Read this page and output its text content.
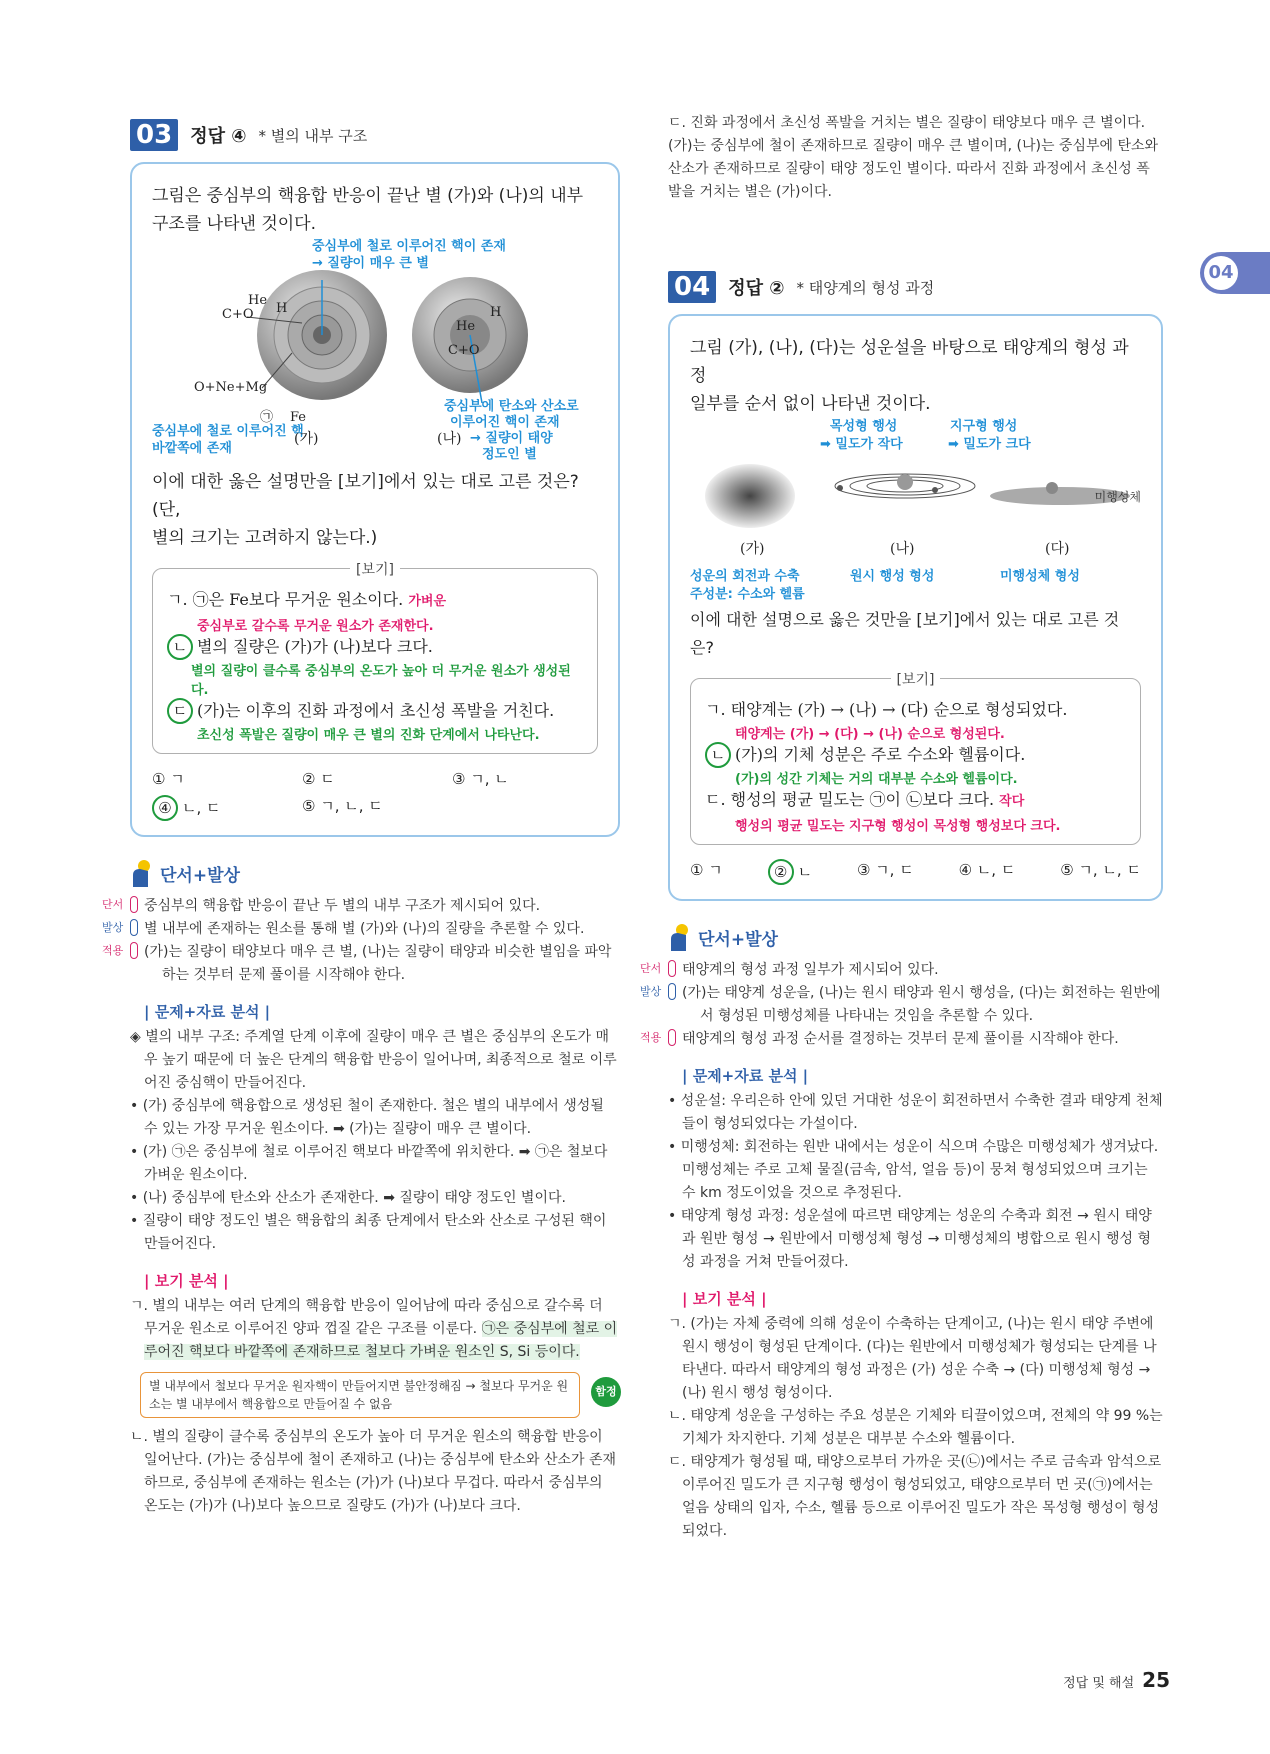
03	정답 ④ * 별의 내부 구조
그림은 중심부의 핵융합 반응이 끝난 별 (가)와 (나)의 내부
구조를 나타낸 것이다.
중심부에 철로 이루어진 핵이 존재
→ 질량이 매우 큰 별
He
C+O H
O+Ne+Mg
㉠ Fe
H
He
C+O
중심부에 철로 이루어진 핵
바깥쪽에 존재
(가)	(나)
중심부에 탄소와 산소로
이루어진 핵이 존재
→ 질량이 태양
정도인 별
이에 대한 옳은 설명만을 [보기]에서 있는 대로 고른 것은? (단,
별의 크기는 고려하지 않는다.)
[보기]
ㄱ. ㉠은 Fe보다 무거운 원소이다. 가벼운
중심부로 갈수록 무거운 원소가 존재한다.
ㄴ 별의 질량은 (가)가 (나)보다 크다.
별의 질량이 클수록 중심부의 온도가 높아 더 무거운 원소가 생성된다.
ㄷ (가)는 이후의 진화 과정에서 초신성 폭발을 거친다.
초신성 폭발은 질량이 매우 큰 별의 진화 단계에서 나타난다.
① ㄱ	② ㄷ	③ ㄱ, ㄴ
④ ㄴ, ㄷ	⑤ ㄱ, ㄴ, ㄷ
단서+발상
단서 중심부의 핵융합 반응이 끝난 두 별의 내부 구조가 제시되어 있다.
발상 별 내부에 존재하는 원소를 통해 별 (가)와 (나)의 질량을 추론할 수 있다.
적용 (가)는 질량이 태양보다 매우 큰 별, (나)는 질량이 태양과 비슷한 별임을 파악하는 것부터 문제 풀이를 시작해야 한다.
| 문제+자료 분석 |
◈ 별의 내부 구조: 주계열 단계 이후에 질량이 매우 큰 별은 중심부의 온도가 매우 높기 때문에 더 높은 단계의 핵융합 반응이 일어나며, 최종적으로 철로 이루어진 중심핵이 만들어진다.
• (가) 중심부에 핵융합으로 생성된 철이 존재한다. 철은 별의 내부에서 생성될 수 있는 가장 무거운 원소이다. ➡ (가)는 질량이 매우 큰 별이다.
• (가) ㉠은 중심부에 철로 이루어진 핵보다 바깥쪽에 위치한다. ➡ ㉠은 철보다 가벼운 원소이다.
• (나) 중심부에 탄소와 산소가 존재한다. ➡ 질량이 태양 정도인 별이다.
• 질량이 태양 정도인 별은 핵융합의 최종 단계에서 탄소와 산소로 구성된 핵이 만들어진다.
| 보기 분석 |
ㄱ. 별의 내부는 여러 단계의 핵융합 반응이 일어남에 따라 중심으로 갈수록 더 무거운 원소로 이루어진 양파 껍질 같은 구조를 이룬다. ㉠은 중심부에 철로 이루어진 핵보다 바깥쪽에 존재하므로 철보다 가벼운 원소인 S, Si 등이다.
별 내부에서 철보다 무거운 원자핵이 만들어지면 불안정해짐 → 철보다 무거운 원소는 별 내부에서 핵융합으로 만들어질 수 없음
함정
ㄴ. 별의 질량이 클수록 중심부의 온도가 높아 더 무거운 원소의 핵융합 반응이 일어난다. (가)는 중심부에 철이 존재하고 (나)는 중심부에 탄소와 산소가 존재하므로, 중심부에 존재하는 원소는 (가)가 (나)보다 무겁다. 따라서 중심부의 온도는 (가)가 (나)보다 높으므로 질량도 (가)가 (나)보다 크다.
ㄷ. 진화 과정에서 초신성 폭발을 거치는 별은 질량이 태양보다 매우 큰 별이다. (가)는 중심부에 철이 존재하므로 질량이 매우 큰 별이며, (나)는 중심부에 탄소와 산소가 존재하므로 질량이 태양 정도인 별이다. 따라서 진화 과정에서 초신성 폭발을 거치는 별은 (가)이다.
04	정답 ② * 태양계의 형성 과정
그림 (가), (나), (다)는 성운설을 바탕으로 태양계의 형성 과정
일부를 순서 없이 나타낸 것이다.
목성형 행성
➡ 밀도가 작다
지구형 행성
➡ 밀도가 크다
미행성체
(가)	(나)	(다)
성운의 회전과 수축
주성분: 수소와 헬륨
원시 행성 형성	미행성체 형성
이에 대한 설명으로 옳은 것만을 [보기]에서 있는 대로 고른 것은?
[보기]
ㄱ. 태양계는 (가) → (나) → (다) 순으로 형성되었다.
태양계는 (가) → (다) → (나) 순으로 형성된다.
ㄴ (가)의 기체 성분은 주로 수소와 헬륨이다.
(가)의 성간 기체는 거의 대부분 수소와 헬륨이다.
ㄷ. 행성의 평균 밀도는 ㉠이 ㉡보다 크다. 작다
행성의 평균 밀도는 지구형 행성이 목성형 행성보다 크다.
① ㄱ	② ㄴ	③ ㄱ, ㄷ	④ ㄴ, ㄷ	⑤ ㄱ, ㄴ, ㄷ
단서+발상
단서 태양계의 형성 과정 일부가 제시되어 있다.
발상 (가)는 태양계 성운을, (나)는 원시 태양과 원시 행성을, (다)는 회전하는 원반에서 형성된 미행성체를 나타내는 것임을 추론할 수 있다.
적용 태양계의 형성 과정 순서를 결정하는 것부터 문제 풀이를 시작해야 한다.
| 문제+자료 분석 |
• 성운설: 우리은하 안에 있던 거대한 성운이 회전하면서 수축한 결과 태양계 천체들이 형성되었다는 가설이다.
• 미행성체: 회전하는 원반 내에서는 성운이 식으며 수많은 미행성체가 생겨났다. 미행성체는 주로 고체 물질(금속, 암석, 얼음 등)이 뭉쳐 형성되었으며 크기는 수 km 정도이었을 것으로 추정된다.
• 태양계 형성 과정: 성운설에 따르면 태양계는 성운의 수축과 회전 → 원시 태양과 원반 형성 → 원반에서 미행성체 형성 → 미행성체의 병합으로 원시 행성 형성 과정을 거쳐 만들어졌다.
| 보기 분석 |
ㄱ. (가)는 자체 중력에 의해 성운이 수축하는 단계이고, (나)는 원시 태양 주변에 원시 행성이 형성된 단계이다. (다)는 원반에서 미행성체가 형성되는 단계를 나타낸다. 따라서 태양계의 형성 과정은 (가) 성운 수축 → (다) 미행성체 형성 → (나) 원시 행성 형성이다.
ㄴ. 태양계 성운을 구성하는 주요 성분은 기체와 티끌이었으며, 전체의 약 99 %는 기체가 차지한다. 기체 성분은 대부분 수소와 헬륨이다.
ㄷ. 태양계가 형성될 때, 태양으로부터 가까운 곳(㉡)에서는 주로 금속과 암석으로 이루어진 밀도가 큰 지구형 행성이 형성되었고, 태양으로부터 먼 곳(㉠)에서는 얼음 상태의 입자, 수소, 헬륨 등으로 이루어진 밀도가 작은 목성형 행성이 형성되었다.
04
정답 및 해설 25
